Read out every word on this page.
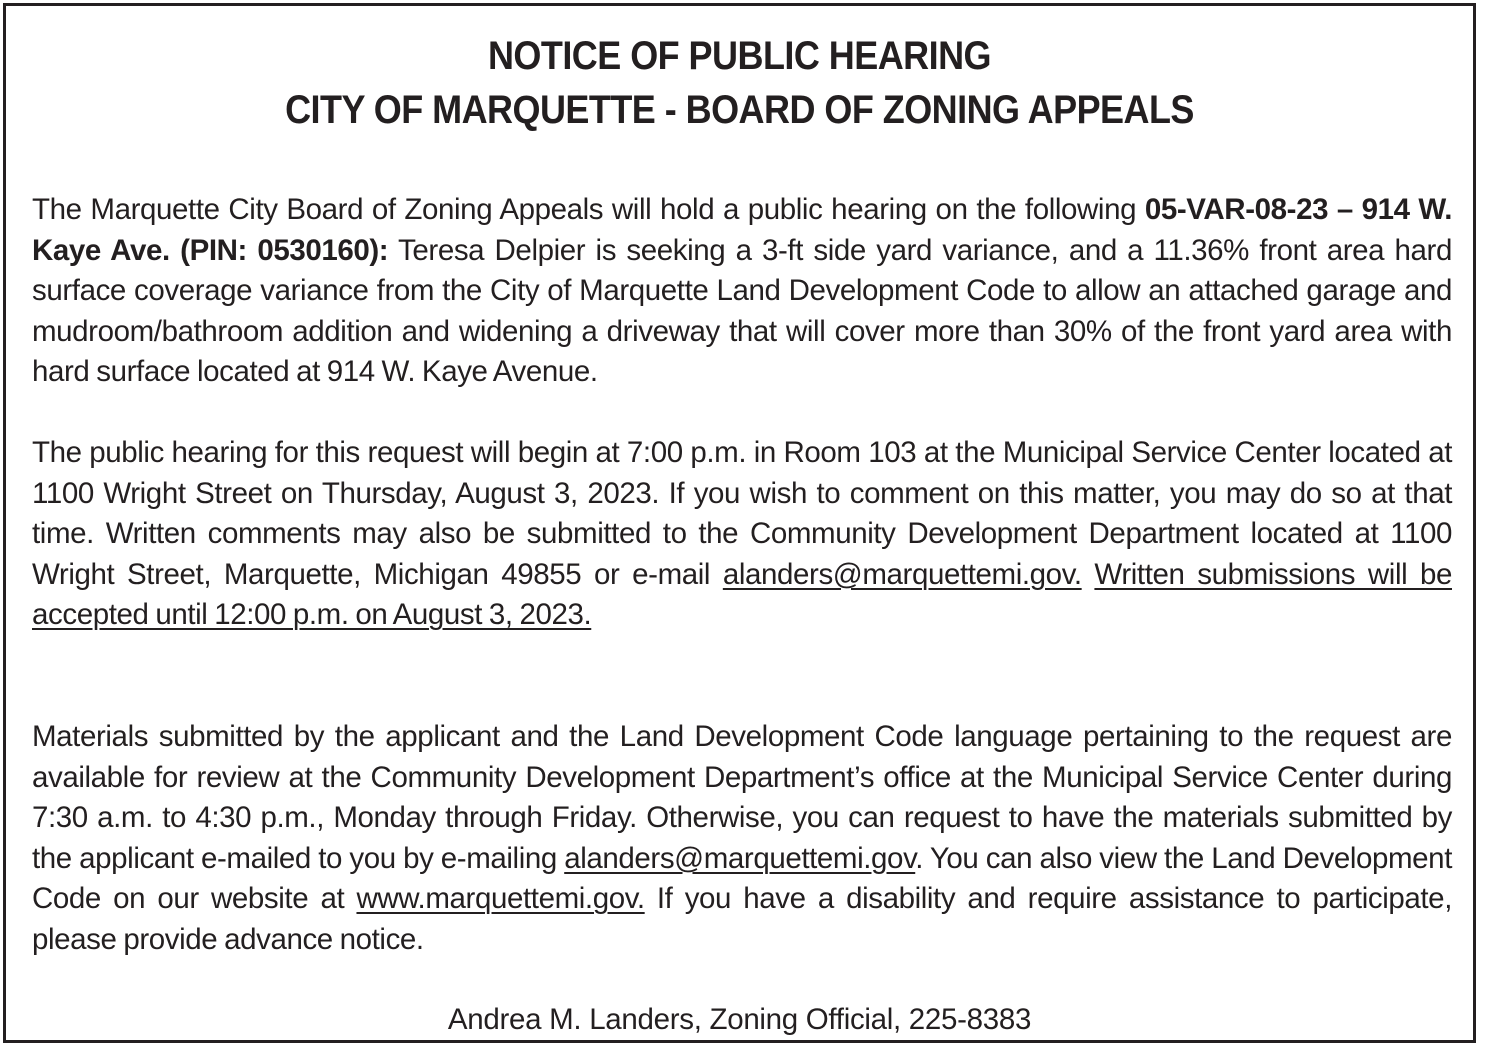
NOTICE OF PUBLIC HEARING
CITY OF MARQUETTE - BOARD OF ZONING APPEALS

The Marquette City Board of Zoning Appeals will hold a public hearing on the following 05-VAR-08-23 – 914 W. Kaye Ave. (PIN: 0530160): Teresa Delpier is seeking a 3-ft side yard variance, and a 11.36% front area hard surface coverage variance from the City of Marquette Land Development Code to allow an attached garage and mudroom/bathroom addition and widening a driveway that will cover more than 30% of the front yard area with hard surface located at 914 W. Kaye Avenue.

The public hearing for this request will begin at 7:00 p.m. in Room 103 at the Municipal Service Center located at 1100 Wright Street on Thursday, August 3, 2023. If you wish to comment on this matter, you may do so at that time. Written comments may also be submitted to the Community Development Department located at 1100 Wright Street, Marquette, Michigan 49855 or e-mail alanders@marquettemi.gov. Written submissions will be accepted until 12:00 p.m. on August 3, 2023.

Materials submitted by the applicant and the Land Development Code language pertaining to the request are available for review at the Community Development Department’s office at the Municipal Service Center during 7:30 a.m. to 4:30 p.m., Monday through Friday. Otherwise, you can request to have the materials submitted by the applicant e-mailed to you by e-mailing alanders@marquettemi.gov. You can also view the Land Development Code on our website at www.marquettemi.gov. If you have a disability and require assistance to participate, please provide advance notice.

Andrea M. Landers, Zoning Official, 225-8383
